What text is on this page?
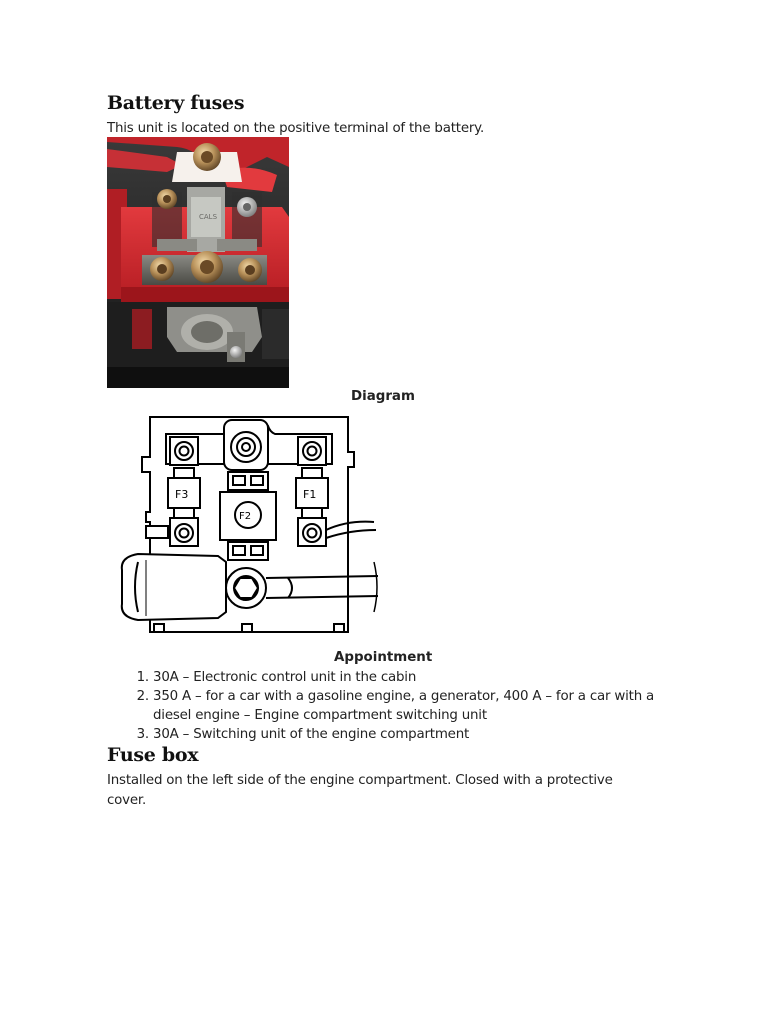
Battery fuses

This unit is located on the positive terminal of the battery.

CALS

Diagram

F3	F1
F2

Appointment

1. 30A – Electronic control unit in the cabin
2. 350 A – for a car with a gasoline engine, a generator, 400 A – for a car with a diesel engine – Engine compartment switching unit
3. 30A – Switching unit of the engine compartment
Fuse box

Installed on the left side of the engine compartment. Closed with a protective cover.
